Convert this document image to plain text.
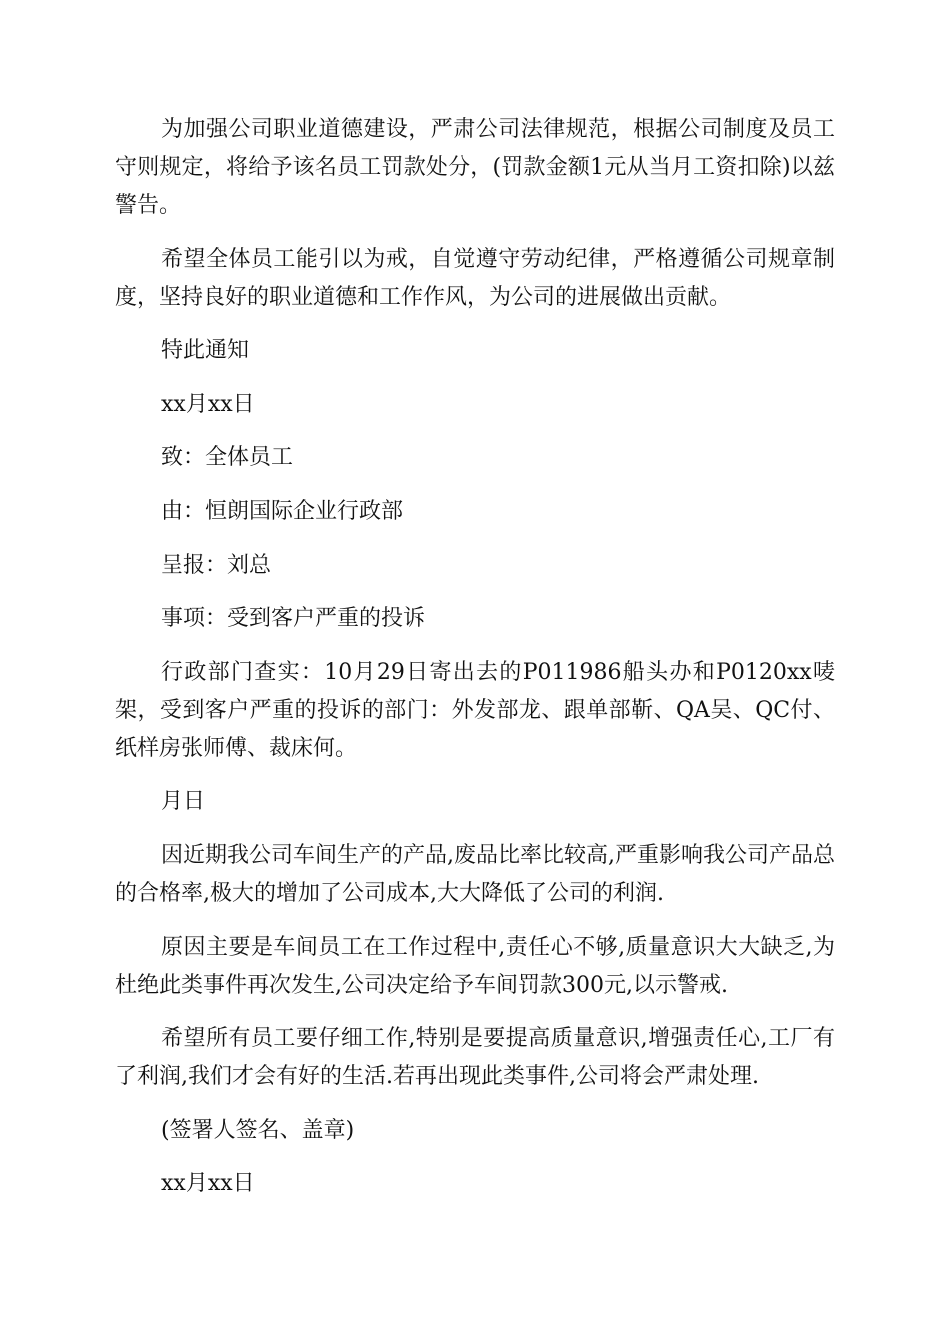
为加强公司职业道德建设，严肃公司法律规范，根据公司制度及员工守则规定，将给予该名员工罚款处分，(罚款金额1元从当月工资扣除)以兹警告。

希望全体员工能引以为戒，自觉遵守劳动纪律，严格遵循公司规章制度，坚持良好的职业道德和工作作风，为公司的进展做出贡献。

特此通知

xx月xx日

致：全体员工

由：恒朗国际企业行政部

呈报：刘总

事项：受到客户严重的投诉

行政部门查实：10月29日寄出去的P011986船头办和P0120xx唛架，受到客户严重的投诉的部门：外发部龙、跟单部靳、QA吴、QC付、纸样房张师傅、裁床何。

月日

因近期我公司车间生产的产品,废品比率比较高,严重影响我公司产品总的合格率,极大的增加了公司成本,大大降低了公司的利润.

原因主要是车间员工在工作过程中,责任心不够,质量意识大大缺乏,为杜绝此类事件再次发生,公司决定给予车间罚款300元,以示警戒.

希望所有员工要仔细工作,特别是要提高质量意识,增强责任心,工厂有了利润,我们才会有好的生活.若再出现此类事件,公司将会严肃处理.

(签署人签名、盖章)

xx月xx日
